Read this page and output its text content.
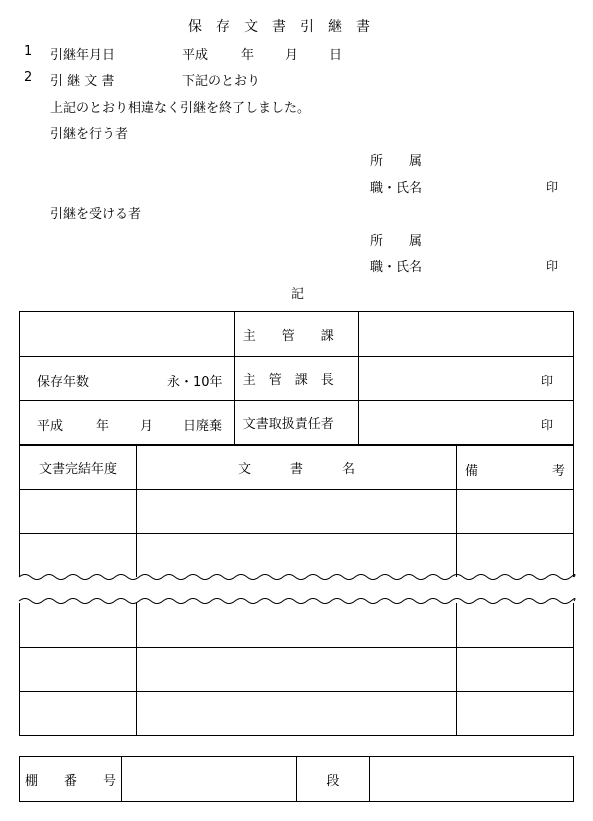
保　存　文　書　引　継　書
1 引継年月日	平成	年 月 日
2 引 継 文 書	下記のとおり
上記のとおり相違なく引継を終了しました。
引継を行う者
所　　属
職・氏名	印
引継を受ける者
所　　属
職・氏名	印
記
	主　　管　　課	

保存年数 永・10年	主　管　課　長	印

平成 年 月 日廃棄	文書取扱責任者	印
文書完結年度	文　　　書　　　名	備 考

棚　　番　　号		段	
